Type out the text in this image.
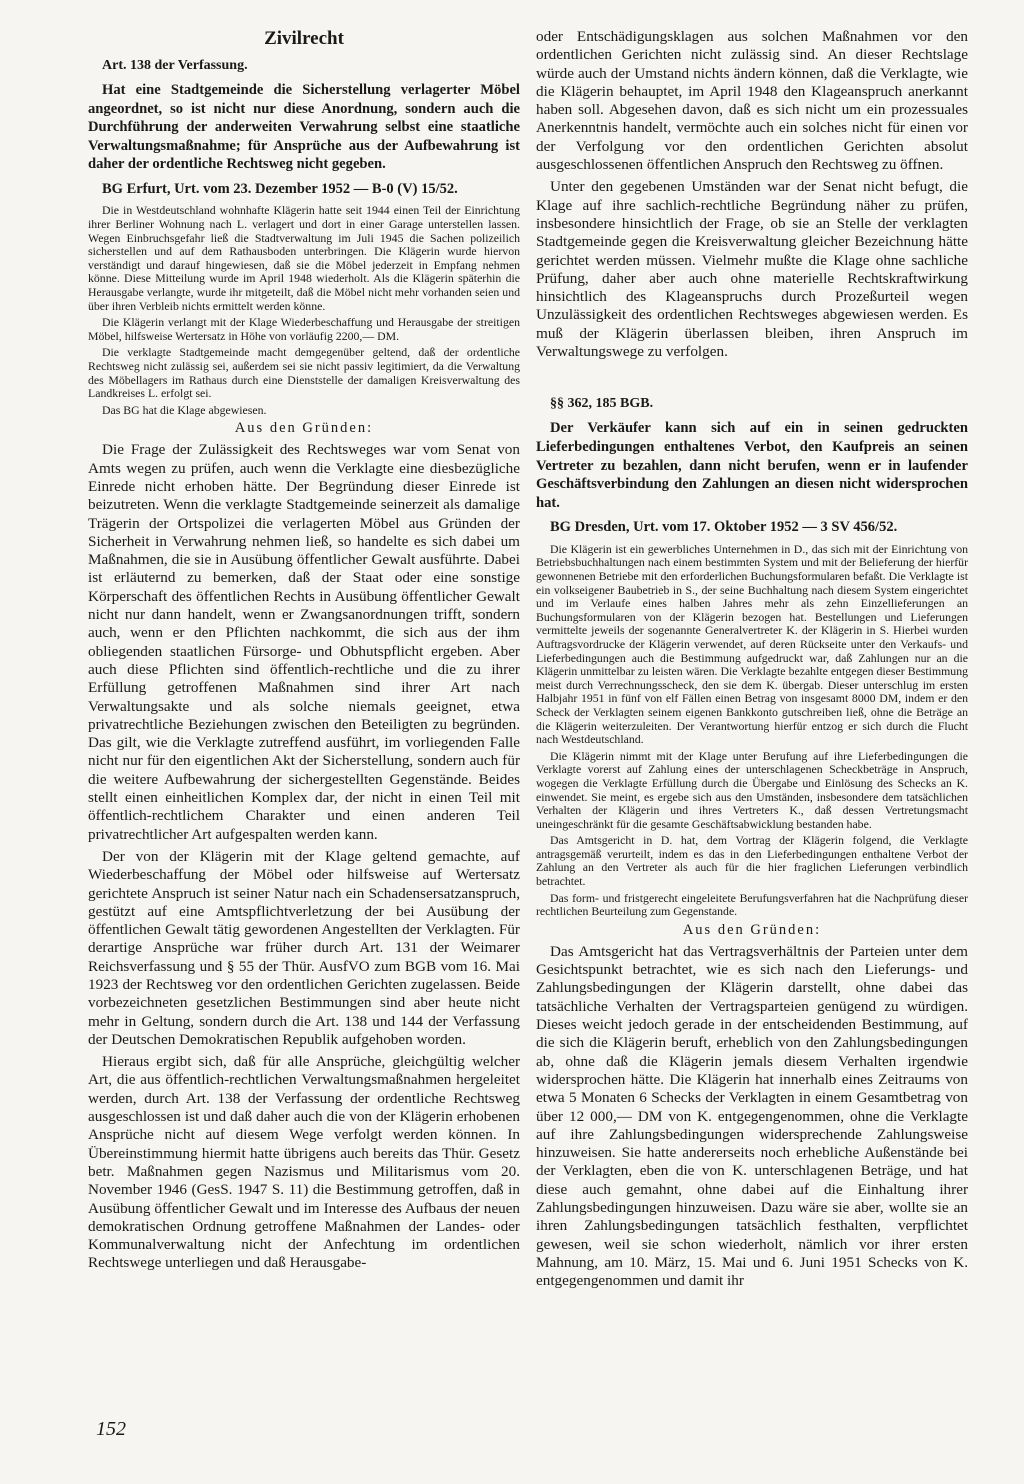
Zivilrecht

Art. 138 der Verfassung.

Hat eine Stadtgemeinde die Sicherstellung verlagerter Möbel angeordnet, so ist nicht nur diese Anordnung, sondern auch die Durchführung der anderweiten Verwahrung selbst eine staatliche Verwaltungsmaßnahme; für Ansprüche aus der Aufbewahrung ist daher der ordentliche Rechtsweg nicht gegeben.

BG Erfurt, Urt. vom 23. Dezember 1952 — B-0 (V) 15/52.

Die in Westdeutschland wohnhafte Klägerin hatte seit 1944 einen Teil der Einrichtung ihrer Berliner Wohnung nach L. verlagert und dort in einer Garage unterstellen lassen. Wegen Einbruchsgefahr ließ die Stadtverwaltung im Juli 1945 die Sachen polizeilich sicherstellen und auf dem Rathausboden unterbringen. Die Klägerin wurde hiervon verständigt und darauf hingewiesen, daß sie die Möbel jederzeit in Empfang nehmen könne. Diese Mitteilung wurde im April 1948 wiederholt. Als die Klägerin späterhin die Herausgabe verlangte, wurde ihr mitgeteilt, daß die Möbel nicht mehr vorhanden seien und über ihren Verbleib nichts ermittelt werden könne.

Die Klägerin verlangt mit der Klage Wiederbeschaffung und Herausgabe der streitigen Möbel, hilfsweise Wertersatz in Höhe von vorläufig 2200,— DM.

Die verklagte Stadtgemeinde macht demgegenüber geltend, daß der ordentliche Rechtsweg nicht zulässig sei, außerdem sei sie nicht passiv legitimiert, da die Verwaltung des Möbellagers im Rathaus durch eine Dienststelle der damaligen Kreisverwaltung des Landkreises L. erfolgt sei.

Das BG hat die Klage abgewiesen.

Aus den Gründen:

Die Frage der Zulässigkeit des Rechtsweges war vom Senat von Amts wegen zu prüfen, auch wenn die Verklagte eine diesbezügliche Einrede nicht erhoben hätte. Der Begründung dieser Einrede ist beizutreten. Wenn die verklagte Stadtgemeinde seinerzeit als damalige Trägerin der Ortspolizei die verlagerten Möbel aus Gründen der Sicherheit in Verwahrung nehmen ließ, so handelte es sich dabei um Maßnahmen, die sie in Ausübung öffentlicher Gewalt ausführte. Dabei ist erläuternd zu bemerken, daß der Staat oder eine sonstige Körperschaft des öffentlichen Rechts in Ausübung öffentlicher Gewalt nicht nur dann handelt, wenn er Zwangsanordnungen trifft, sondern auch, wenn er den Pflichten nachkommt, die sich aus der ihm obliegenden staatlichen Fürsorge- und Obhutspflicht ergeben. Aber auch diese Pflichten sind öffentlich-rechtliche und die zu ihrer Erfüllung getroffenen Maßnahmen sind ihrer Art nach Verwaltungsakte und als solche niemals geeignet, etwa privatrechtliche Beziehungen zwischen den Beteiligten zu begründen. Das gilt, wie die Verklagte zutreffend ausführt, im vorliegenden Falle nicht nur für den eigentlichen Akt der Sicherstellung, sondern auch für die weitere Aufbewahrung der sichergestellten Gegenstände. Beides stellt einen einheitlichen Komplex dar, der nicht in einen Teil mit öffentlich-rechtlichem Charakter und einen anderen Teil privatrechtlicher Art aufgespalten werden kann.

Der von der Klägerin mit der Klage geltend gemachte, auf Wiederbeschaffung der Möbel oder hilfsweise auf Wertersatz gerichtete Anspruch ist seiner Natur nach ein Schadensersatzanspruch, gestützt auf eine Amtspflichtverletzung der bei Ausübung der öffentlichen Gewalt tätig gewordenen Angestellten der Verklagten. Für derartige Ansprüche war früher durch Art. 131 der Weimarer Reichsverfassung und § 55 der Thür. AusfVO zum BGB vom 16. Mai 1923 der Rechtsweg vor den ordentlichen Gerichten zugelassen. Beide vorbezeichneten gesetzlichen Bestimmungen sind aber heute nicht mehr in Geltung, sondern durch die Art. 138 und 144 der Verfassung der Deutschen Demokratischen Republik aufgehoben worden.

Hieraus ergibt sich, daß für alle Ansprüche, gleichgültig welcher Art, die aus öffentlich-rechtlichen Verwaltungsmaßnahmen hergeleitet werden, durch Art. 138 der Verfassung der ordentliche Rechtsweg ausgeschlossen ist und daß daher auch die von der Klägerin erhobenen Ansprüche nicht auf diesem Wege verfolgt werden können. In Übereinstimmung hiermit hatte übrigens auch bereits das Thür. Gesetz betr. Maßnahmen gegen Nazismus und Militarismus vom 20. November 1946 (GesS. 1947 S. 11) die Bestimmung getroffen, daß in Ausübung öffentlicher Gewalt und im Interesse des Aufbaus der neuen demokratischen Ordnung getroffene Maßnahmen der Landes- oder Kommunalverwaltung nicht der Anfechtung im ordentlichen Rechtswege unterliegen und daß Herausgabe-

oder Entschädigungsklagen aus solchen Maßnahmen vor den ordentlichen Gerichten nicht zulässig sind. An dieser Rechtslage würde auch der Umstand nichts ändern können, daß die Verklagte, wie die Klägerin behauptet, im April 1948 den Klageanspruch anerkannt haben soll. Abgesehen davon, daß es sich nicht um ein prozessuales Anerkenntnis handelt, vermöchte auch ein solches nicht für einen vor der Verfolgung vor den ordentlichen Gerichten absolut ausgeschlossenen öffentlichen Anspruch den Rechtsweg zu öffnen.

Unter den gegebenen Umständen war der Senat nicht befugt, die Klage auf ihre sachlich-rechtliche Begründung näher zu prüfen, insbesondere hinsichtlich der Frage, ob sie an Stelle der verklagten Stadtgemeinde gegen die Kreisverwaltung gleicher Bezeichnung hätte gerichtet werden müssen. Vielmehr mußte die Klage ohne sachliche Prüfung, daher aber auch ohne materielle Rechtskraftwirkung hinsichtlich des Klageanspruchs durch Prozeßurteil wegen Unzulässigkeit des ordentlichen Rechtsweges abgewiesen werden. Es muß der Klägerin überlassen bleiben, ihren Anspruch im Verwaltungswege zu verfolgen.

§§ 362, 185 BGB.

Der Verkäufer kann sich auf ein in seinen gedruckten Lieferbedingungen enthaltenes Verbot, den Kaufpreis an seinen Vertreter zu bezahlen, dann nicht berufen, wenn er in laufender Geschäftsverbindung den Zahlungen an diesen nicht widersprochen hat.

BG Dresden, Urt. vom 17. Oktober 1952 — 3 SV 456/52.

Die Klägerin ist ein gewerbliches Unternehmen in D., das sich mit der Einrichtung von Betriebsbuchhaltungen nach einem bestimmten System und mit der Belieferung der hierfür gewonnenen Betriebe mit den erforderlichen Buchungsformularen befaßt. Die Verklagte ist ein volkseigener Baubetrieb in S., der seine Buchhaltung nach diesem System eingerichtet und im Verlaufe eines halben Jahres mehr als zehn Einzellieferungen an Buchungsformularen von der Klägerin bezogen hat. Bestellungen und Lieferungen vermittelte jeweils der sogenannte Generalvertreter K. der Klägerin in S. Hierbei wurden Auftragsvordrucke der Klägerin verwendet, auf deren Rückseite unter den Verkaufs- und Lieferbedingungen auch die Bestimmung aufgedruckt war, daß Zahlungen nur an die Klägerin unmittelbar zu leisten wären. Die Verklagte bezahlte entgegen dieser Bestimmung meist durch Verrechnungsscheck, den sie dem K. übergab. Dieser unterschlug im ersten Halbjahr 1951 in fünf von elf Fällen einen Betrag von insgesamt 8000 DM, indem er den Scheck der Verklagten seinem eigenen Bankkonto gutschreiben ließ, ohne die Beträge an die Klägerin weiterzuleiten. Der Verantwortung hierfür entzog er sich durch die Flucht nach Westdeutschland.

Die Klägerin nimmt mit der Klage unter Berufung auf ihre Lieferbedingungen die Verklagte vorerst auf Zahlung eines der unterschlagenen Scheckbeträge in Anspruch, wogegen die Verklagte Erfüllung durch die Übergabe und Einlösung des Schecks an K. einwendet. Sie meint, es ergebe sich aus den Umständen, insbesondere dem tatsächlichen Verhalten der Klägerin und ihres Vertreters K., daß dessen Vertretungsmacht uneingeschränkt für die gesamte Geschäftsabwicklung bestanden habe.

Das Amtsgericht in D. hat, dem Vortrag der Klägerin folgend, die Verklagte antragsgemäß verurteilt, indem es das in den Lieferbedingungen enthaltene Verbot der Zahlung an den Vertreter als auch für die hier fraglichen Lieferungen verbindlich betrachtet.

Das form- und fristgerecht eingeleitete Berufungsverfahren hat die Nachprüfung dieser rechtlichen Beurteilung zum Gegenstande.

Aus den Gründen:

Das Amtsgericht hat das Vertragsverhältnis der Parteien unter dem Gesichtspunkt betrachtet, wie es sich nach den Lieferungs- und Zahlungsbedingungen der Klägerin darstellt, ohne dabei das tatsächliche Verhalten der Vertragsparteien genügend zu würdigen. Dieses weicht jedoch gerade in der entscheidenden Bestimmung, auf die sich die Klägerin beruft, erheblich von den Zahlungsbedingungen ab, ohne daß die Klägerin jemals diesem Verhalten irgendwie widersprochen hätte. Die Klägerin hat innerhalb eines Zeitraums von etwa 5 Monaten 6 Schecks der Verklagten in einem Gesamtbetrag von über 12 000,— DM von K. entgegengenommen, ohne die Verklagte auf ihre Zahlungsbedingungen widersprechende Zahlungsweise hinzuweisen. Sie hatte andererseits noch erhebliche Außenstände bei der Verklagten, eben die von K. unterschlagenen Beträge, und hat diese auch gemahnt, ohne dabei auf die Einhaltung ihrer Zahlungsbedingungen hinzuweisen. Dazu wäre sie aber, wollte sie an ihren Zahlungsbedingungen tatsächlich festhalten, verpflichtet gewesen, weil sie schon wiederholt, nämlich vor ihrer ersten Mahnung, am 10. März, 15. Mai und 6. Juni 1951 Schecks von K. entgegengenommen und damit ihr

152
